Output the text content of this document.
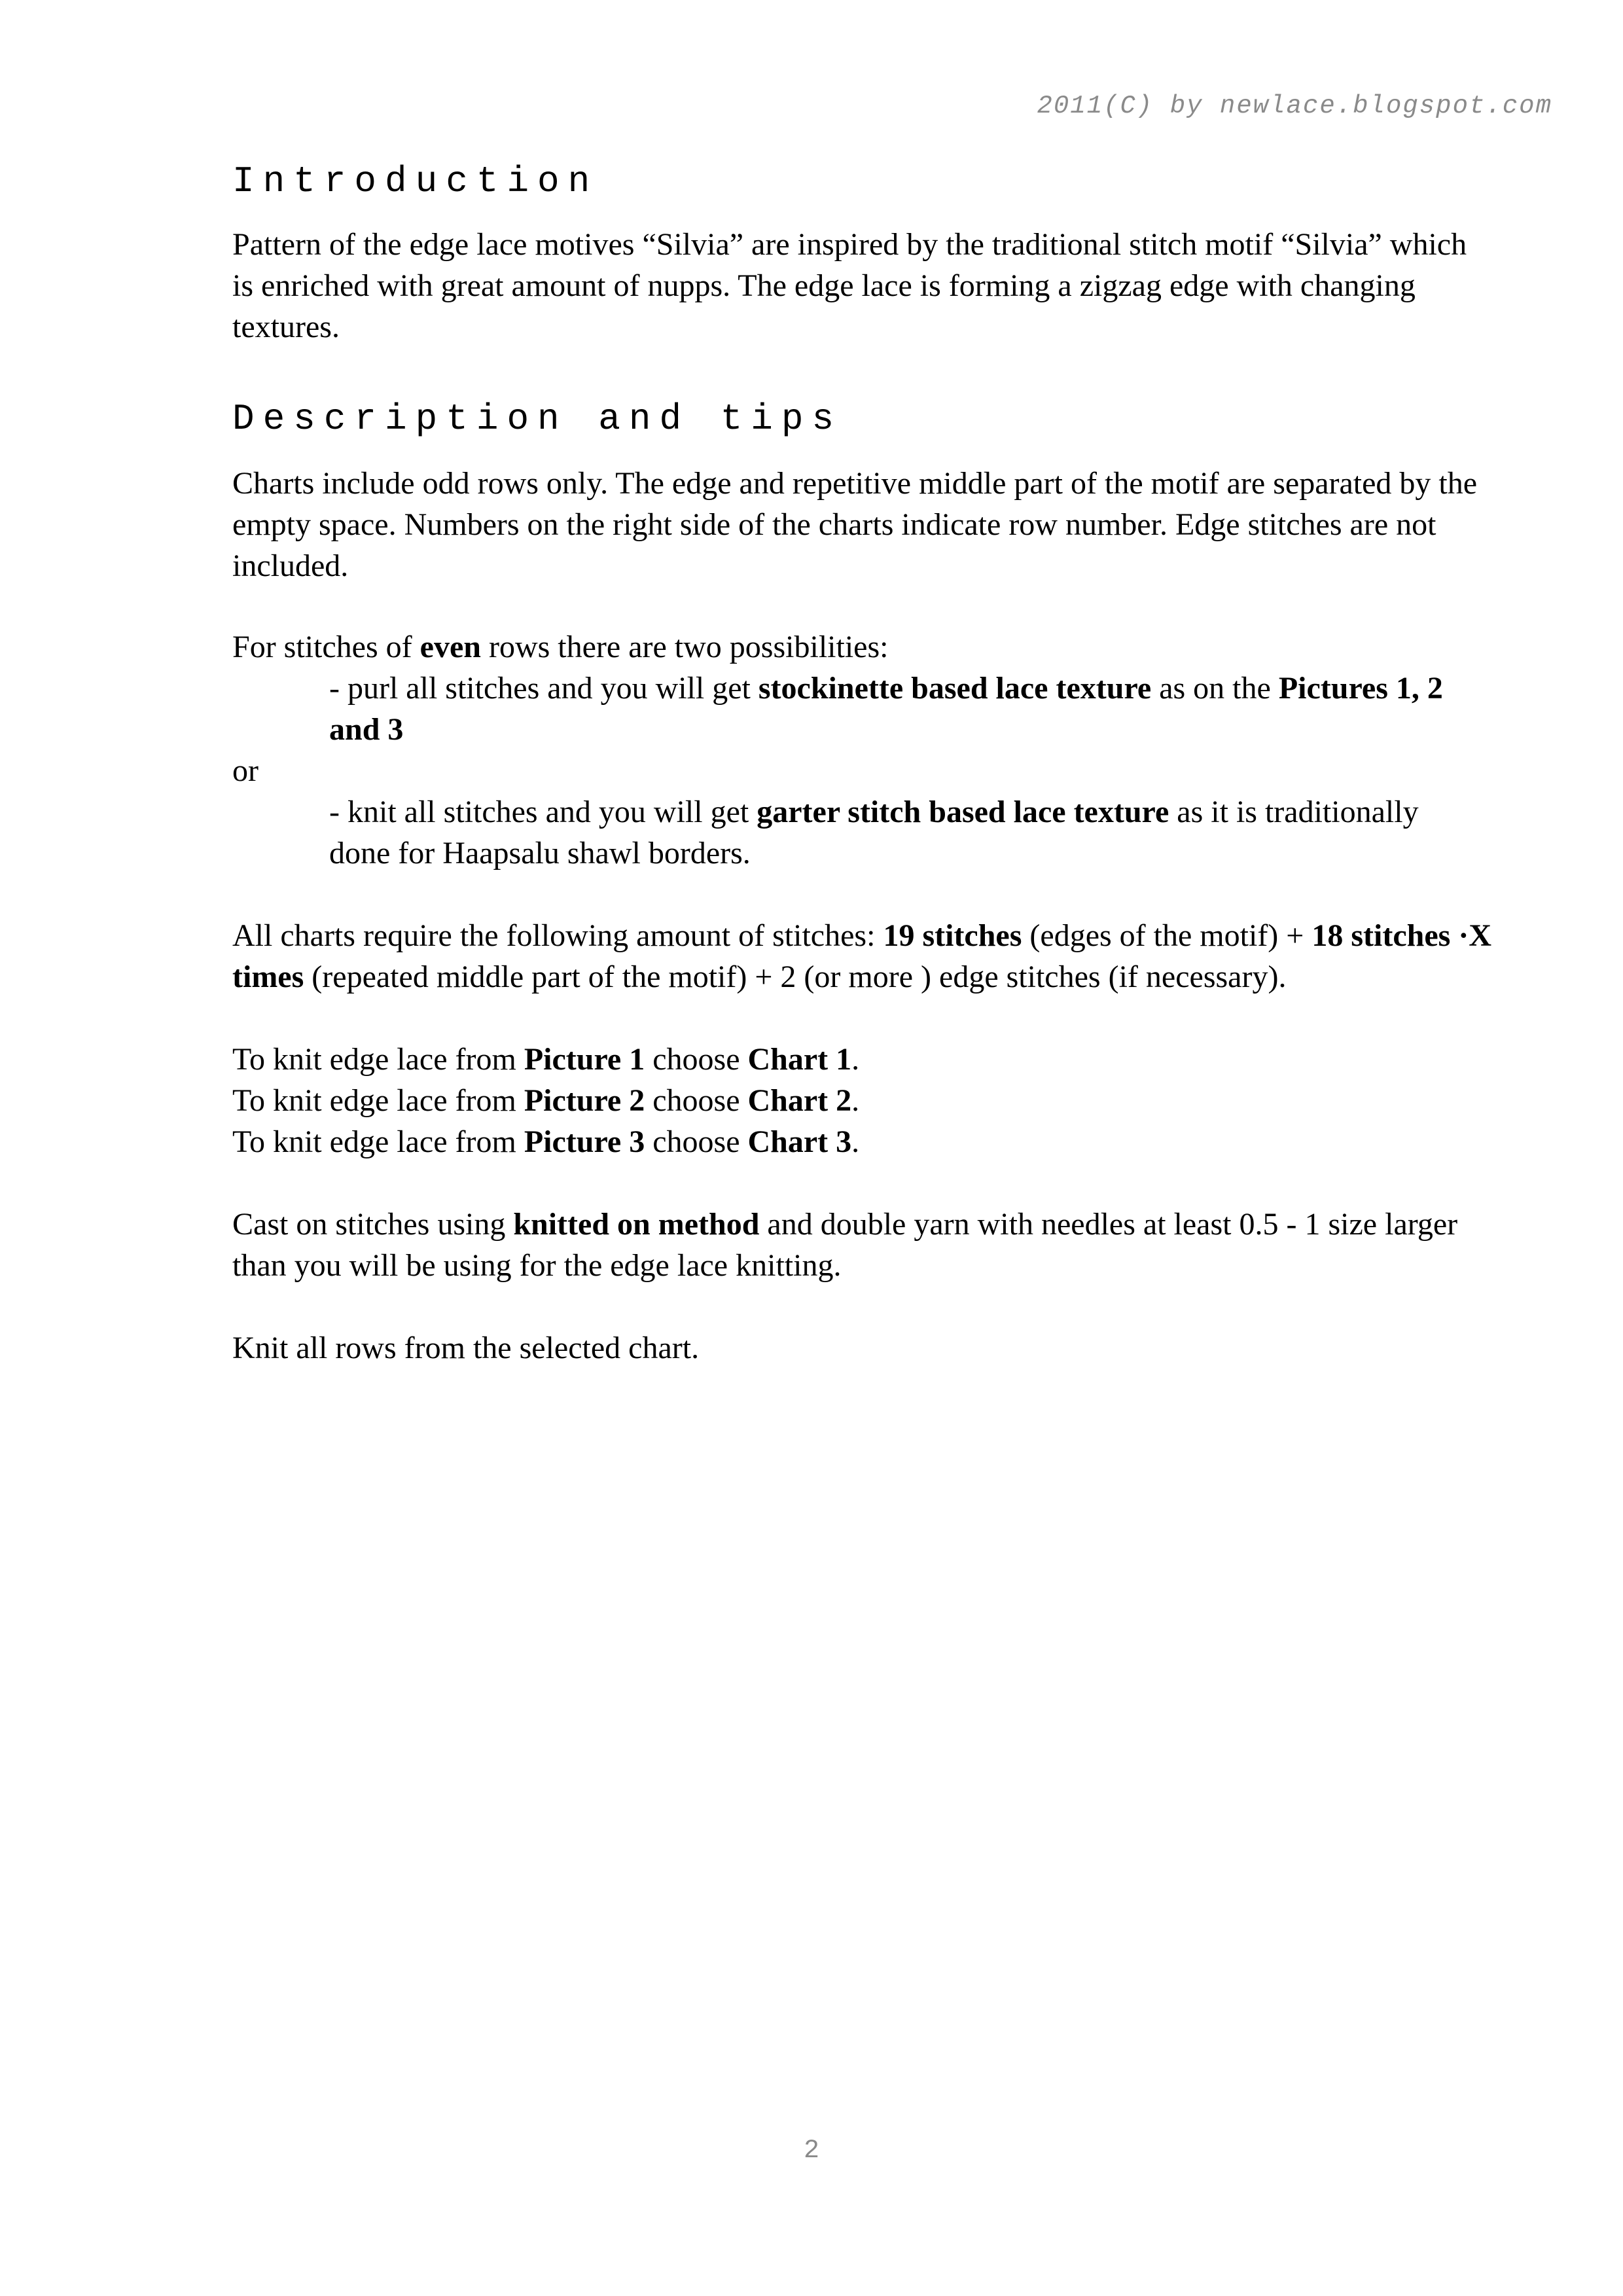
2011(C) by newlace.blogspot.com

Introduction

Pattern of the edge lace motives “Silvia” are inspired by the traditional stitch motif “Silvia” which
is enriched with great amount of nupps. The edge lace is forming a zigzag edge with changing
textures.

Description and tips

Charts include odd rows only. The edge and repetitive middle part of the motif are separated by the
empty space. Numbers on the right side of the charts indicate row number. Edge stitches are not
included.

For stitches of even rows there are two possibilities:

- purl all stitches and you will get stockinette based lace texture as on the Pictures 1, 2
and 3

or

- knit all stitches and you will get garter stitch based lace texture as it is traditionally
done for Haapsalu shawl borders.

All charts require the following amount of stitches: 19 stitches (edges of the motif) + 18 stitches ·X
times (repeated middle part of the motif) + 2 (or more ) edge stitches (if necessary).

To knit edge lace from Picture 1 choose Chart 1.
To knit edge lace from Picture 2 choose Chart 2.
To knit edge lace from Picture 3 choose Chart 3.

Cast on stitches using knitted on method and double yarn with needles at least 0.5 - 1 size larger
than you will be using for the edge lace knitting.

Knit all rows from the selected chart.

2
